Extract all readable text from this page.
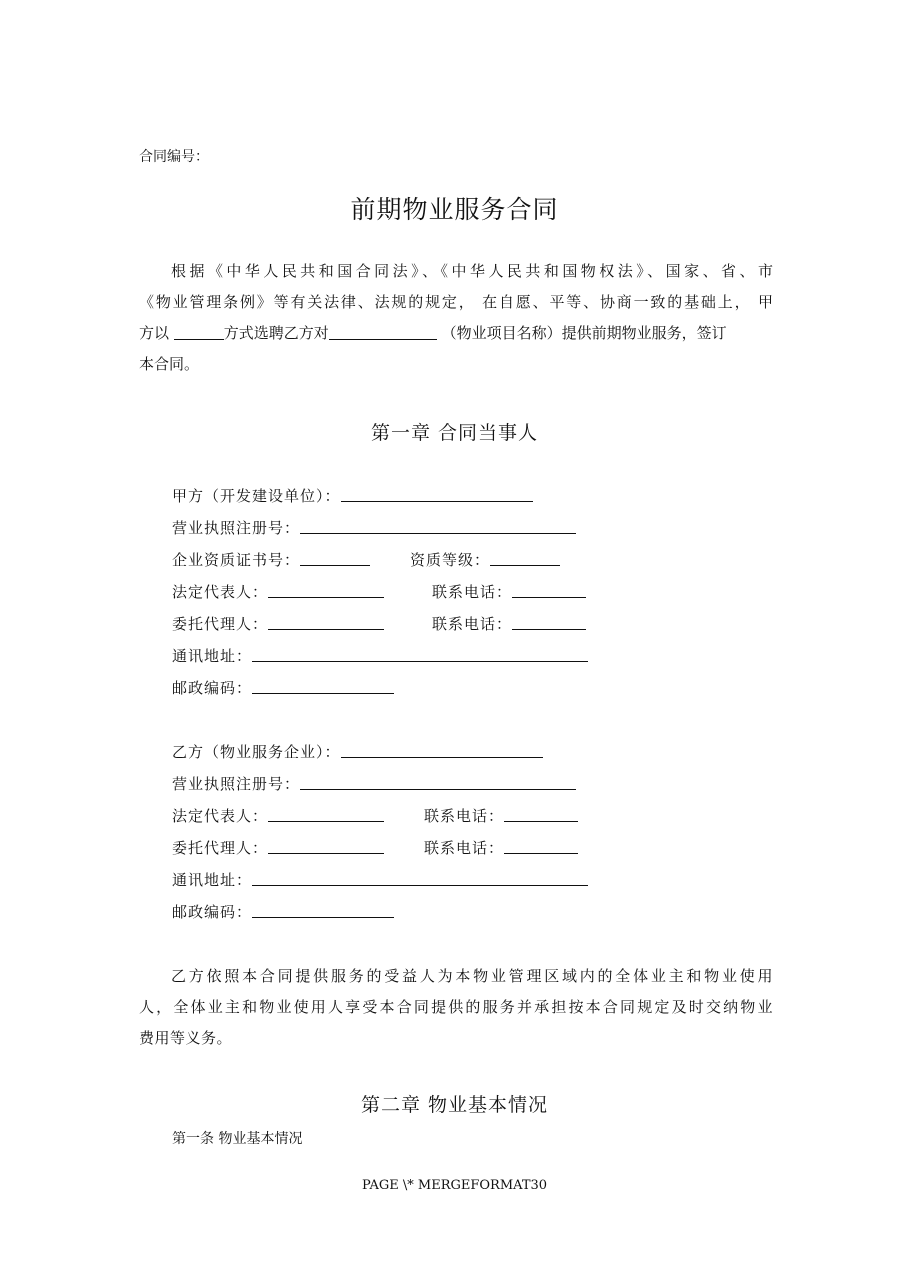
合同编号：
前期物业服务合同
根据《中华人民共和国合同法》、《中华人民共和国物权法》、国家、省、市
《物业管理条例》等有关法律、法规的规定， 在自愿、平等、协商一致的基础上， 甲
方以	方式选聘乙方对	（物业项目名称）提供前期物业服务，签订
本合同。
第一章 合同当事人
甲方（开发建设单位）：
营业执照注册号：
企业资质证书号：	资质等级：
法定代表人：	联系电话：
委托代理人：	联系电话：
通讯地址：
邮政编码：
乙方（物业服务企业）：
营业执照注册号：
法定代表人：	联系电话：
委托代理人：	联系电话：
通讯地址：
邮政编码：
乙方依照本合同提供服务的受益人为本物业管理区域内的全体业主和物业使用
人，全体业主和物业使用人享受本合同提供的服务并承担按本合同规定及时交纳物业
费用等义务。
第二章 物业基本情况
第一条 物业基本情况
PAGE \* MERGEFORMAT30
